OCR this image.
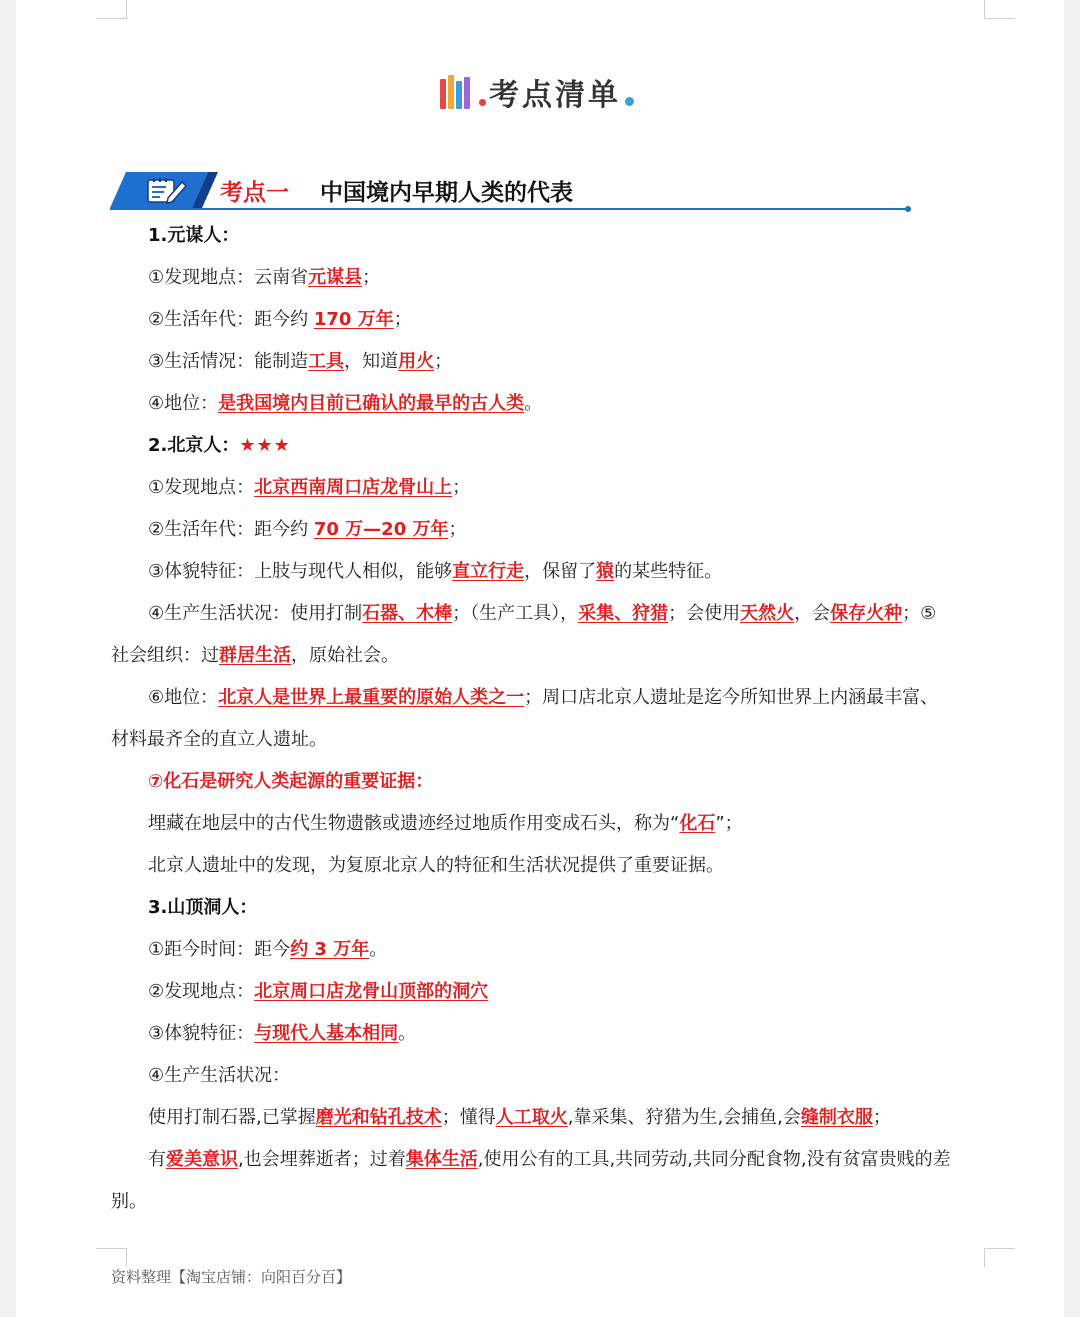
考点清单
考点一 中国境内早期人类的代表
1.元谋人：
①发现地点：云南省元谋县；
②生活年代：距今约 170 万年；
③生活情况：能制造工具，知道用火；
④地位：是我国境内目前已确认的最早的古人类。
2.北京人：★★★
①发现地点：北京西南周口店龙骨山上；
②生活年代：距今约 70 万—20 万年；
③体貌特征：上肢与现代人相似，能够直立行走，保留了猿的某些特征。
④生产生活状况：使用打制石器、木棒；（生产工具），采集、狩猎；会使用天然火，会保存火种；⑤
社会组织：过群居生活，原始社会。
⑥地位：北京人是世界上最重要的原始人类之一；周口店北京人遗址是迄今所知世界上内涵最丰富、
材料最齐全的直立人遗址。
⑦化石是研究人类起源的重要证据：
埋藏在地层中的古代生物遗骸或遗迹经过地质作用变成石头，称为“化石”；
北京人遗址中的发现，为复原北京人的特征和生活状况提供了重要证据。
3.山顶洞人：
①距今时间：距今约 3 万年。
②发现地点：北京周口店龙骨山顶部的洞穴
③体貌特征：与现代人基本相同。
④生产生活状况：
使用打制石器,已掌握磨光和钻孔技术；懂得人工取火,靠采集、狩猎为生,会捕鱼,会缝制衣服；
有爱美意识,也会埋葬逝者；过着集体生活,使用公有的工具,共同劳动,共同分配食物,没有贫富贵贱的差
别。
资料整理【淘宝店铺：向阳百分百】
